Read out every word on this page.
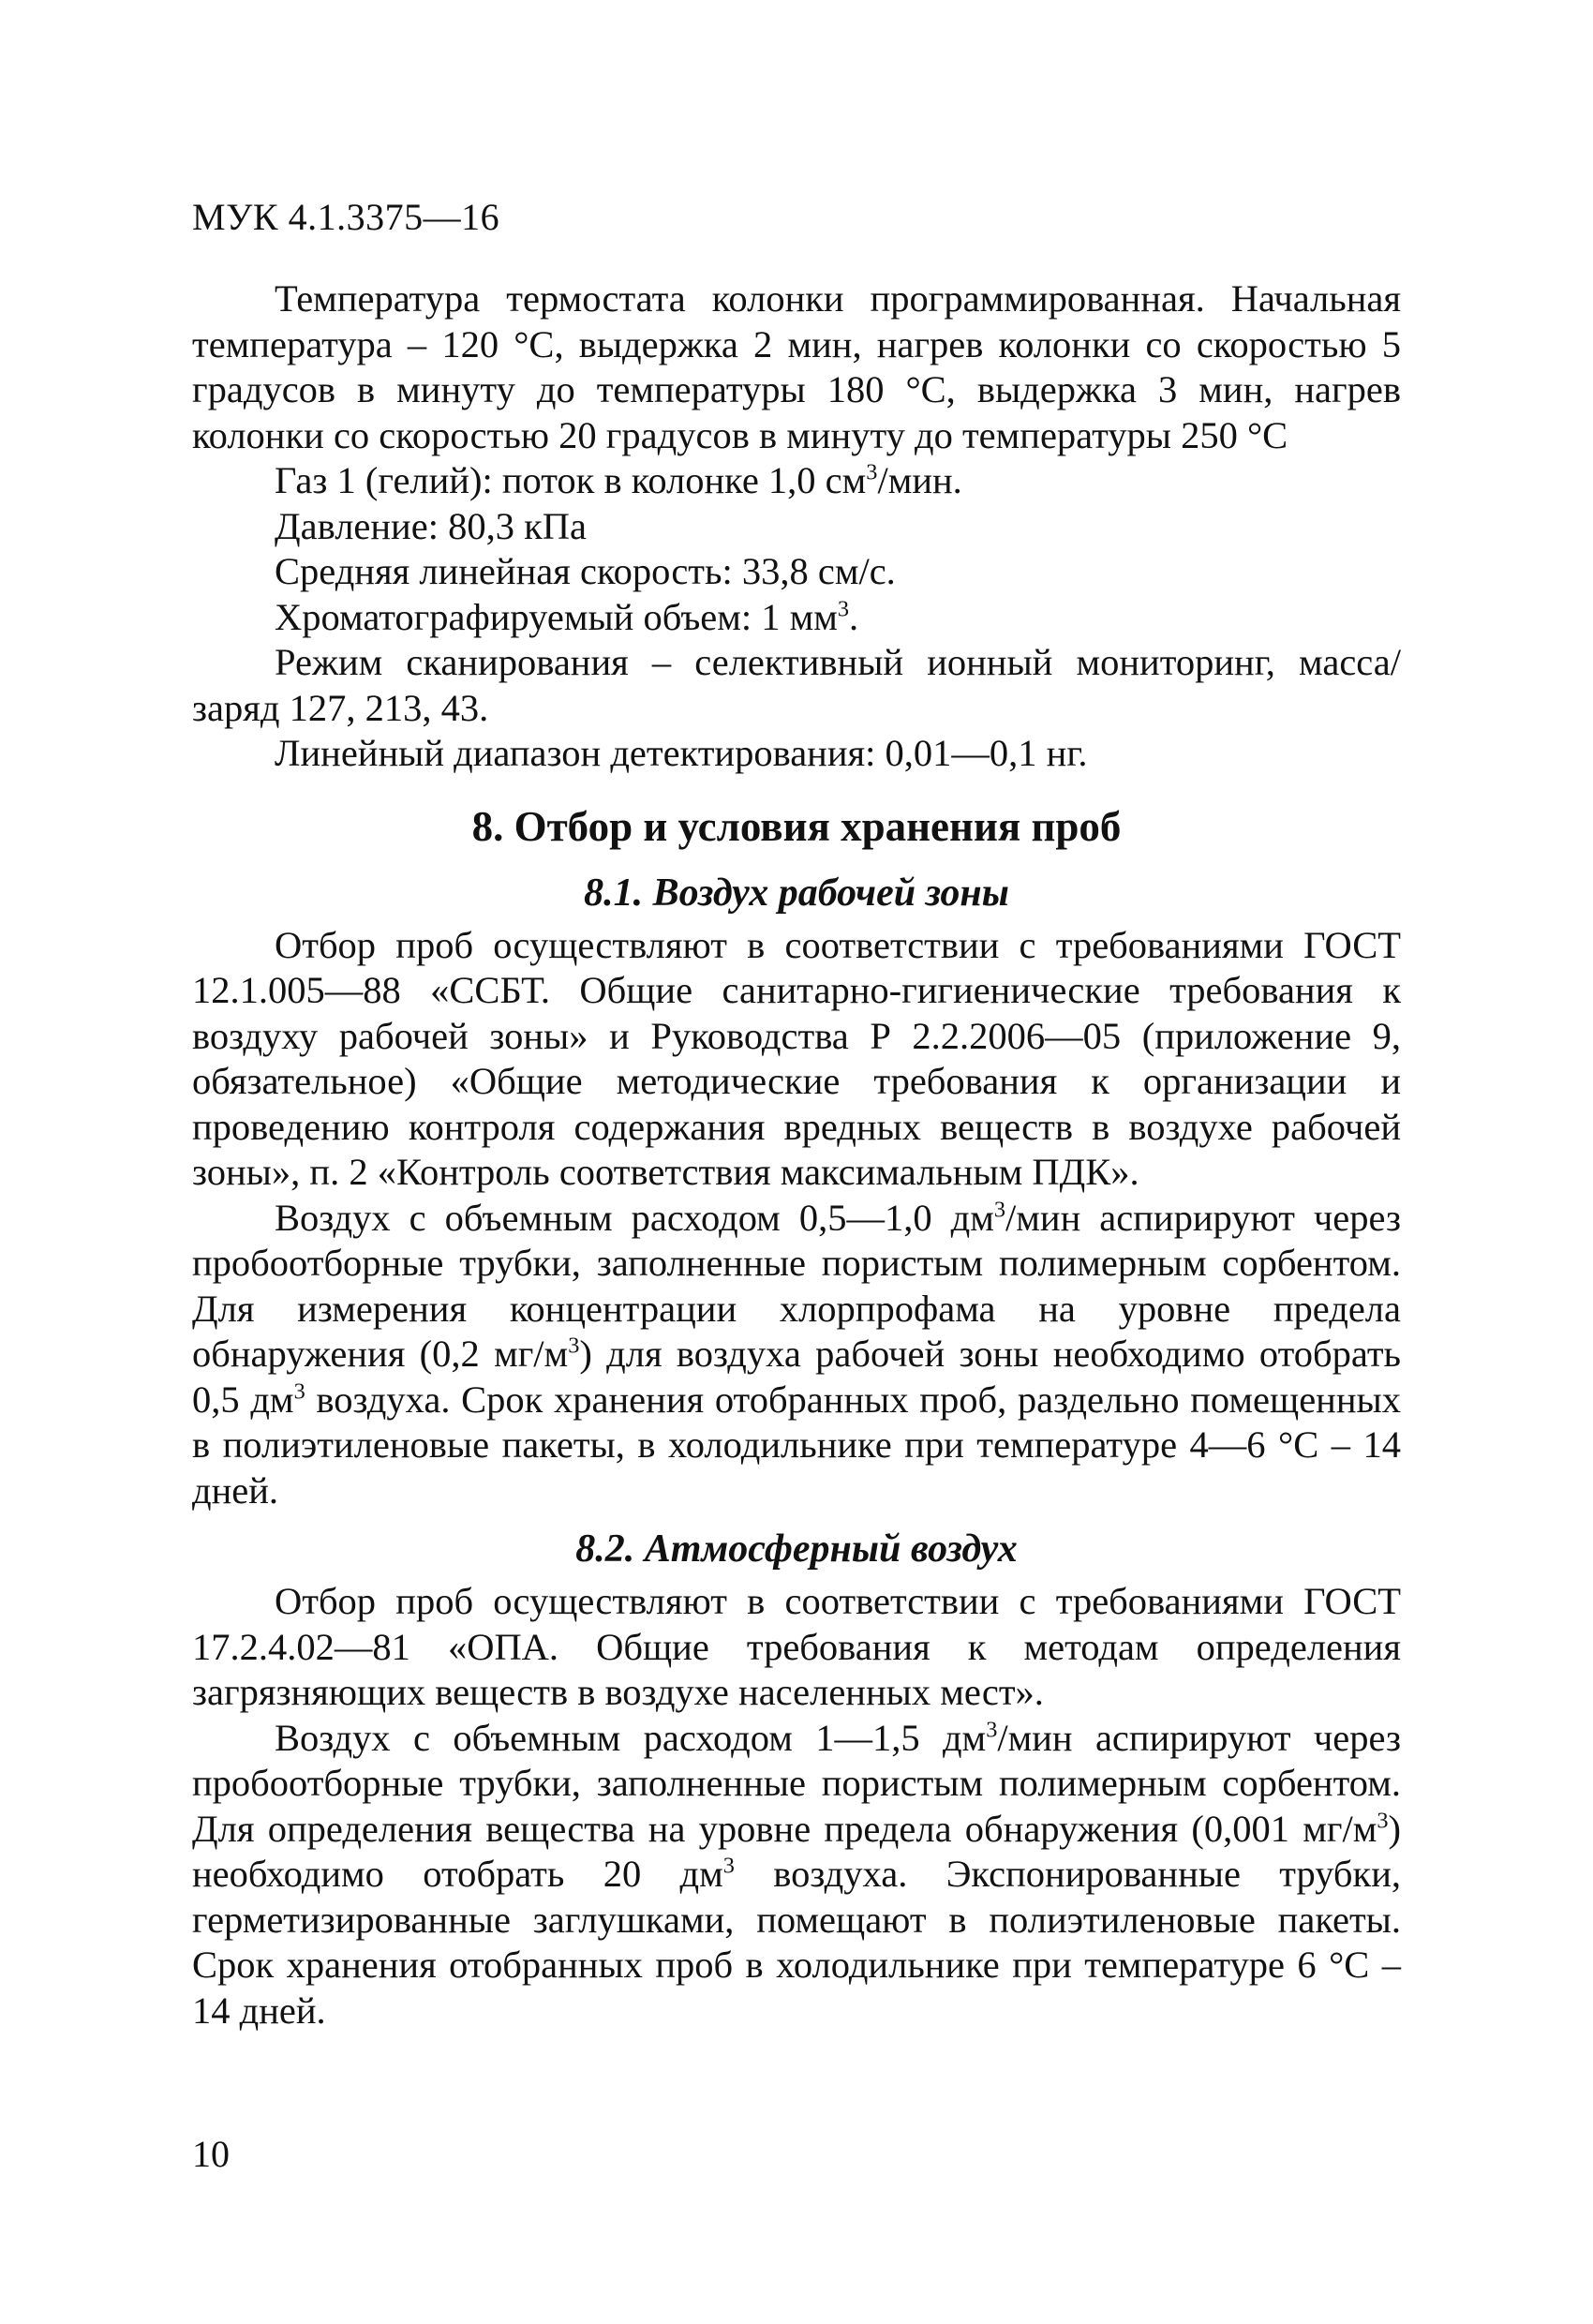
МУК 4.1.3375—16

Температура термостата колонки программированная. Начальная температура – 120 °С, выдержка 2 мин, нагрев колонки со скоростью 5 градусов в минуту до температуры 180 °С, выдержка 3 мин, нагрев колонки со скоростью 20 градусов в минуту до температуры 250 °С

Газ 1 (гелий): поток в колонке 1,0 $см^3$/мин.

Давление: 80,3 кПа

Средняя линейная скорость: 33,8 см/с.

Хроматографируемый объем: 1 $мм^3$.

Режим сканирования – селективный ионный мониторинг, масса/заряд 127, 213, 43.

Линейный диапазон детектирования: 0,01—0,1 нг.

8. Отбор и условия хранения проб
8.1. Воздух рабочей зоны

Отбор проб осуществляют в соответствии с требованиями ГОСТ 12.1.005—88 «ССБТ. Общие санитарно-гигиенические требования к воздуху рабочей зоны» и Руководства Р 2.2.2006—05 (приложение 9, обязательное) «Общие методические требования к организации и проведению контроля содержания вредных веществ в воздухе рабочей зоны», п. 2 «Контроль соответствия максимальным ПДК».

Воздух с объемным расходом 0,5—1,0 $дм^3$/мин аспирируют через пробоотборные трубки, заполненные пористым полимерным сорбентом. Для измерения концентрации хлорпрофама на уровне предела обнаружения (0,2 $мг/м^3$) для воздуха рабочей зоны необходимо отобрать 0,5 $дм^3$ воздуха. Срок хранения отобранных проб, раздельно помещенных в полиэтиленовые пакеты, в холодильнике при температуре 4—6 °С – 14 дней.

8.2. Атмосферный воздух

Отбор проб осуществляют в соответствии с требованиями ГОСТ 17.2.4.02—81 «ОПА. Общие требования к методам определения загрязняющих веществ в воздухе населенных мест».

Воздух с объемным расходом 1—1,5 $дм^3$/мин аспирируют через пробоотборные трубки, заполненные пористым полимерным сорбентом. Для определения вещества на уровне предела обнаружения (0,001 $мг/м^3$) необходимо отобрать 20 $дм^3$ воздуха. Экспонированные трубки, герметизированные заглушками, помещают в полиэтиленовые пакеты. Срок хранения отобранных проб в холодильнике при температуре 6 °С – 14 дней.

10
